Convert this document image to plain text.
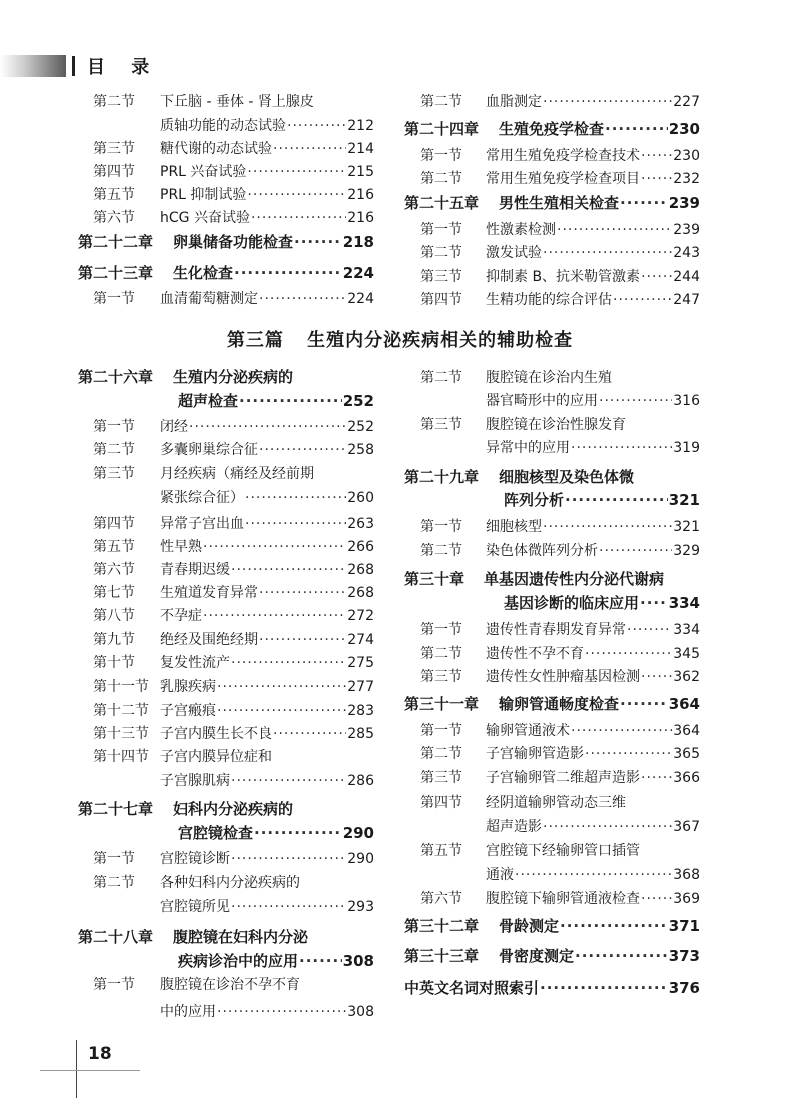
目 录
第三篇 生殖内分泌疾病相关的辅助检查
第二节	下丘脑 - 垂体 - 肾上腺皮
质轴功能的动态试验 ·····	212
第三节	糖代谢的动态试验 ·····	214
第四节	PRL 兴奋试验 ·····	215
第五节	PRL 抑制试验 ·····	216
第六节	hCG 兴奋试验 ·····	216
第二十二章	卵巢储备功能检查 ·····	218
第二十三章	生化检查 ·····	224
第一节	血清葡萄糖测定 ·····	224
第二节	血脂测定 ·····	227
第二十四章	生殖免疫学检查 ·····	230
第一节	常用生殖免疫学检查技术 ····· 230
第二节	常用生殖免疫学检查项目 ····· 232
第二十五章	男性生殖相关检查 ·····	239
第一节	性激素检测 ·····	239
第二节	激发试验 ·····	243
第三节	抑制素 B、抗米勒管激素 ····· 244
第四节	生精功能的综合评估 ·····	247
第二十六章	生殖内分泌疾病的
超声检查 ·····	252
第一节	闭经 ·····	252
第二节	多囊卵巢综合征 ·····	258
第三节	月经疾病（痛经及经前期
紧张综合征） ·····	260
第四节	异常子宫出血 ·····	263
第五节	性早熟 ·····	266
第六节	青春期迟缓 ·····	268
第七节	生殖道发育异常 ·····	268
第八节	不孕症 ·····	272
第九节	绝经及围绝经期 ·····	274
第十节	复发性流产 ·····	275
第十一节 乳腺疾病 ·····	277
第十二节 子宫瘢痕 ·····	283
第十三节 子宫内膜生长不良 ·····	285
第十四节 子宫内膜异位症和
子宫腺肌病 ·····	286
第二十七章	妇科内分泌疾病的
宫腔镜检查 ·····	290
第一节	宫腔镜诊断 ·····	290
第二节	各种妇科内分泌疾病的
宫腔镜所见 ·····	293
第二十八章	腹腔镜在妇科内分泌
疾病诊治中的应用 ·····	308
第一节	腹腔镜在诊治不孕不育
中的应用 ·····	308
第二节	腹腔镜在诊治内生殖
器官畸形中的应用 ·····	316
第三节	腹腔镜在诊治性腺发育
异常中的应用 ·····	319
第二十九章	细胞核型及染色体微
阵列分析 ·····	321
第一节	细胞核型 ·····	321
第二节	染色体微阵列分析 ·····	329
第三十章	单基因遗传性内分泌代谢病
基因诊断的临床应用 ····· 334
第一节	遗传性青春期发育异常 ·····	334
第二节	遗传性不孕不育 ·····	345
第三节	遗传性女性肿瘤基因检测 ····· 362
第三十一章	输卵管通畅度检查 ·····	364
第一节	输卵管通液术 ·····	364
第二节	子宫输卵管造影 ·····	365
第三节	子宫输卵管二维超声造影 ····· 366
第四节	经阴道输卵管动态三维
超声造影 ·····	367
第五节	宫腔镜下经输卵管口插管
通液 ·····	368
第六节	腹腔镜下输卵管通液检查 ····· 369
第三十二章	骨龄测定 ·····	371
第三十三章	骨密度测定 ·····	373
中英文名词对照索引 ·····	376
18
